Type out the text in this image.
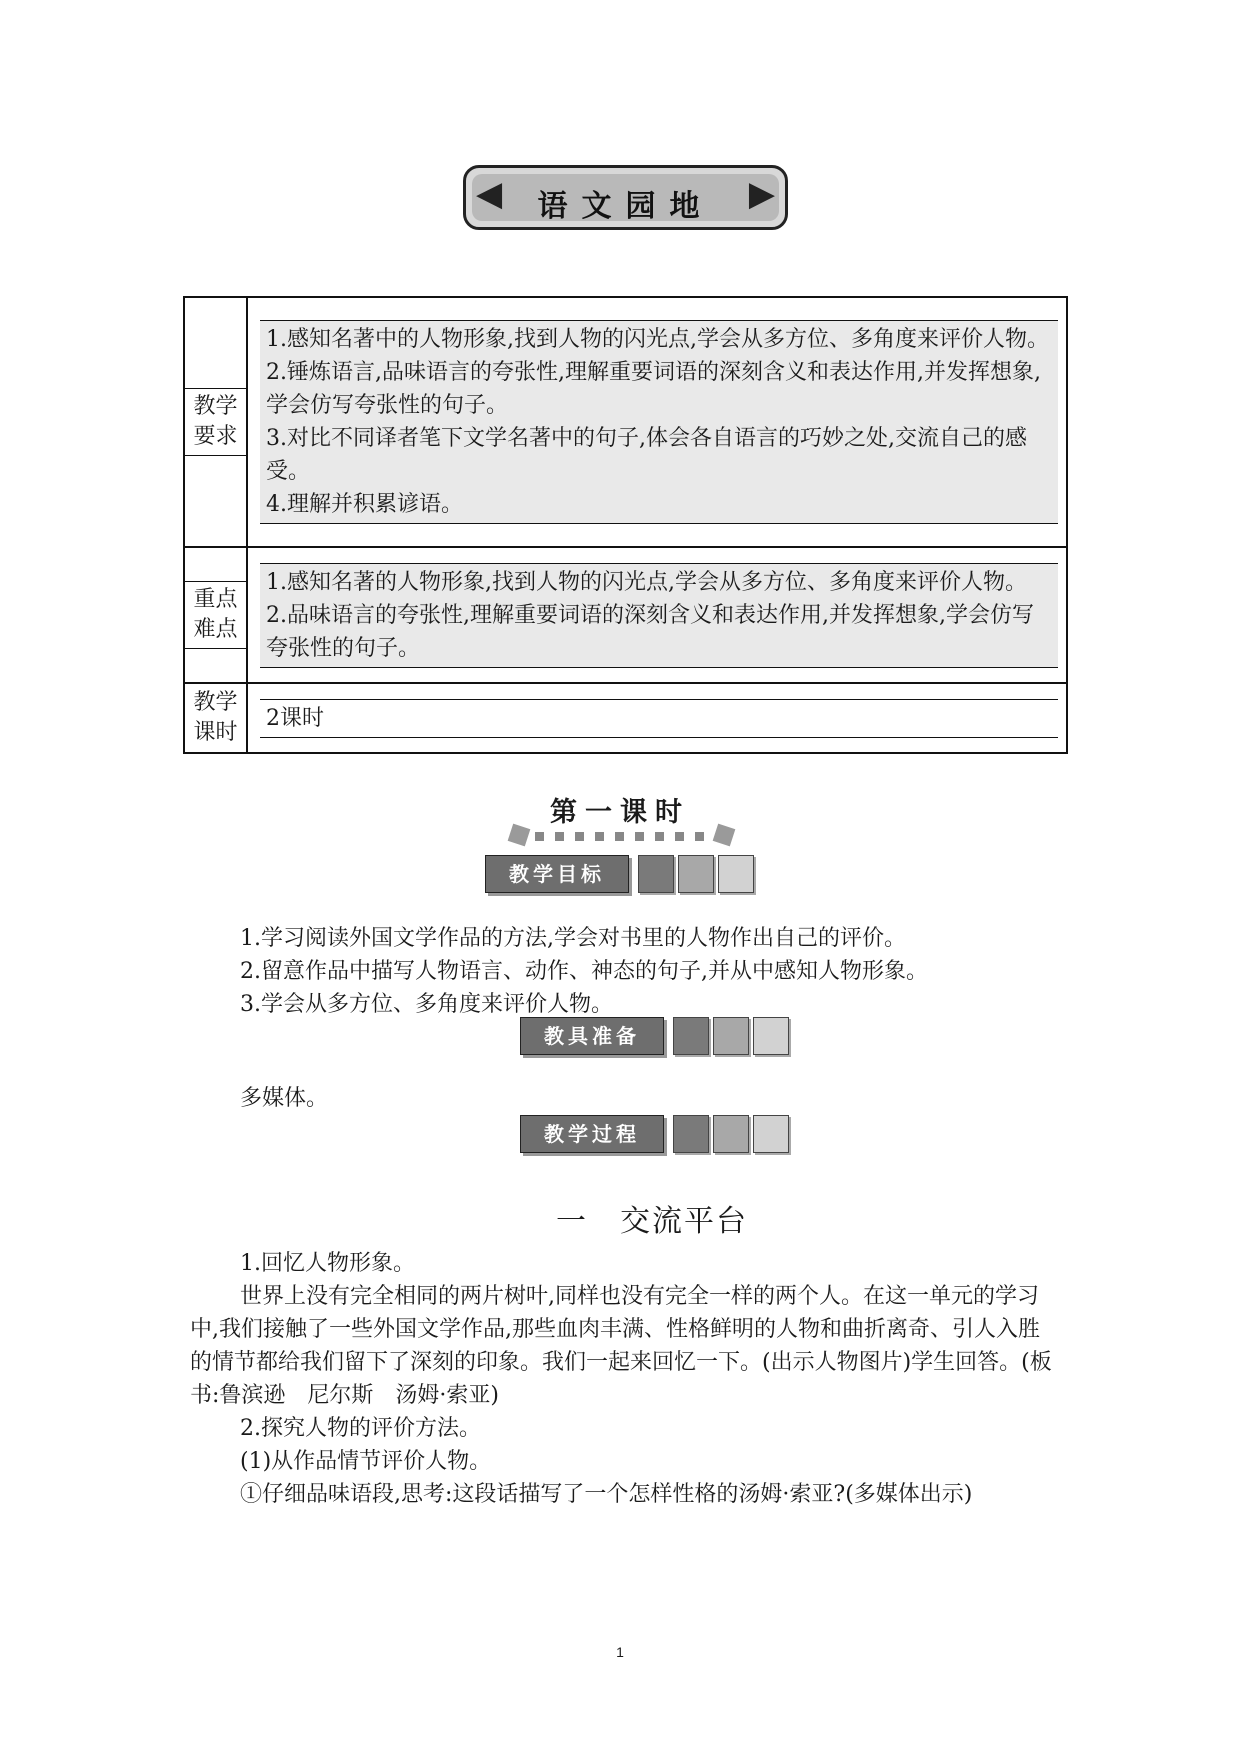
◀	语文园地	▶
教学要求	1.感知名著中的人物形象,找到人物的闪光点,学会从多方位、多角度来评价人物。

2.锤炼语言,品味语言的夸张性,理解重要词语的深刻含义和表达作用,并发挥想象,学会仿写夸张性的句子。

3.对比不同译者笔下文学名著中的句子,体会各自语言的巧妙之处,交流自己的感受。

4.理解并积累谚语。

重点难点	1.感知名著的人物形象,找到人物的闪光点,学会从多方位、多角度来评价人物。

2.品味语言的夸张性,理解重要词语的深刻含义和表达作用,并发挥想象,学会仿写夸张性的句子。

教学课时	2课时

第一课时
教学目标

1.学习阅读外国文学作品的方法,学会对书里的人物作出自己的评价。

2.留意作品中描写人物语言、动作、神态的句子,并从中感知人物形象。

3.学会从多方位、多角度来评价人物。

教具准备
多媒体。
教学过程
一　交流平台

1.回忆人物形象。

世界上没有完全相同的两片树叶,同样也没有完全一样的两个人。在这一单元的学习中,我们接触了一些外国文学作品,那些血肉丰满、性格鲜明的人物和曲折离奇、引人入胜的情节都给我们留下了深刻的印象。我们一起来回忆一下。(出示人物图片)学生回答。(板书:鲁滨逊　尼尔斯　汤姆·索亚)

2.探究人物的评价方法。

(1)从作品情节评价人物。

①仔细品味语段,思考:这段话描写了一个怎样性格的汤姆·索亚?(多媒体出示)

1
